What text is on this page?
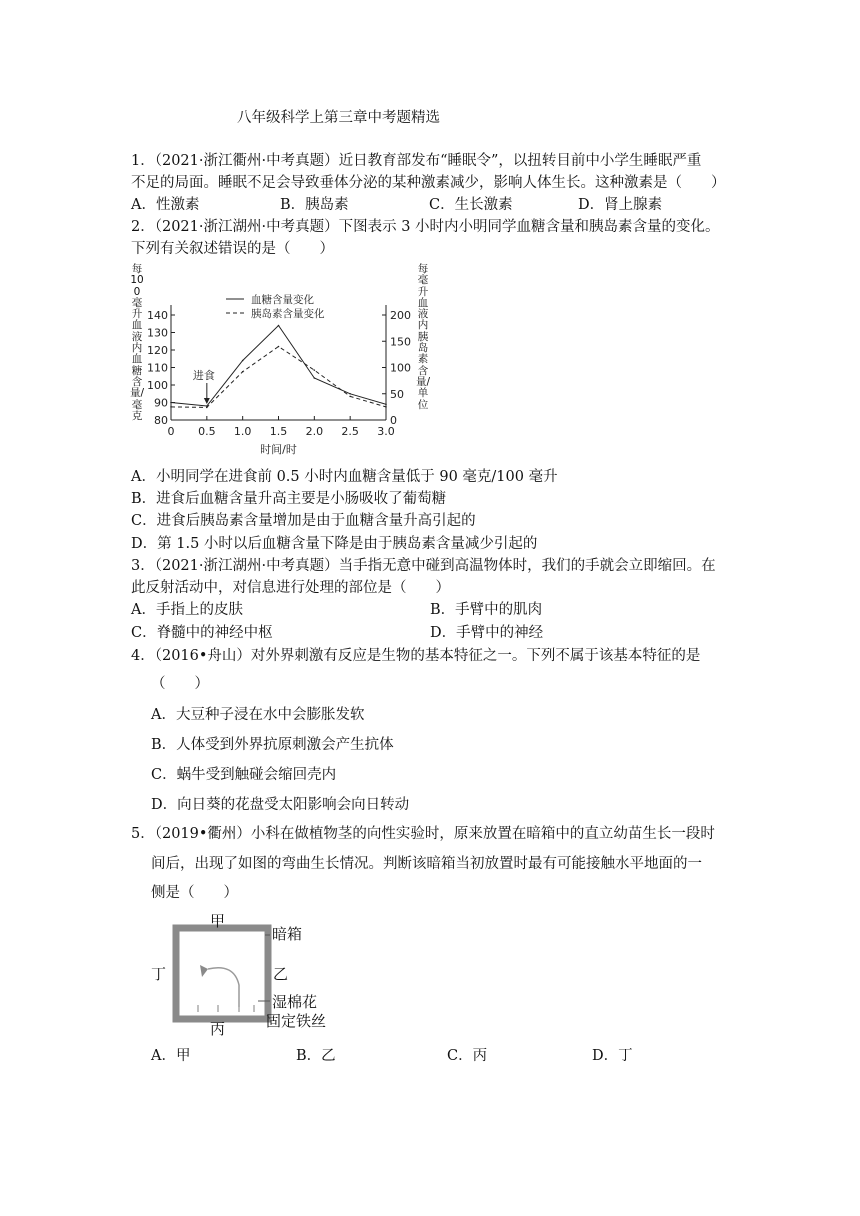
八年级科学上第三章中考题精选
1．（2021·浙江衢州·中考真题）近日教育部发布“睡眠令”，以扭转目前中小学生睡眠严重
不足的局面。睡眠不足会导致垂体分泌的某种激素减少，影响人体生长。这种激素是（　　）
A．性激素	B．胰岛素	C．生长激素	D．肾上腺素
2．（2021·浙江湖州·中考真题）下图表示 3 小时内小明同学血糖含量和胰岛素含量的变化。
下列有关叙述错误的是（　　）
每100毫升血液内血糖含量/毫克
每毫升血液内胰岛素含量/单位
80
90
100
110
120
130
140
0
50
100
150
200
0 0.5 1.0 1.5 2.0 2.5 3.0
时间/时
血糖含量变化
胰岛素含量变化
进食
A．小明同学在进食前 0.5 小时内血糖含量低于 90 毫克/100 毫升
B．进食后血糖含量升高主要是小肠吸收了葡萄糖
C．进食后胰岛素含量增加是由于血糖含量升高引起的
D．第 1.5 小时以后血糖含量下降是由于胰岛素含量减少引起的
3．（2021·浙江湖州·中考真题）当手指无意中碰到高温物体时，我们的手就会立即缩回。在
此反射活动中，对信息进行处理的部位是（　　）
A．手指上的皮肤	B．手臂中的肌肉
C．脊髓中的神经中枢	D．手臂中的神经
4．（2016•舟山）对外界刺激有反应是生物的基本特征之一。下列不属于该基本特征的是
（　　）
A．大豆种子浸在水中会膨胀发软
B．人体受到外界抗原刺激会产生抗体
C．蜗牛受到触碰会缩回壳内
D．向日葵的花盘受太阳影响会向日转动
5．（2019•衢州）小科在做植物茎的向性实验时，原来放置在暗箱中的直立幼苗生长一段时
间后，出现了如图的弯曲生长情况。判断该暗箱当初放置时最有可能接触水平地面的一
侧是（　　）
甲
乙
丙
丁
暗箱
湿棉花
固定铁丝
A．甲	B．乙	C．丙	D．丁
